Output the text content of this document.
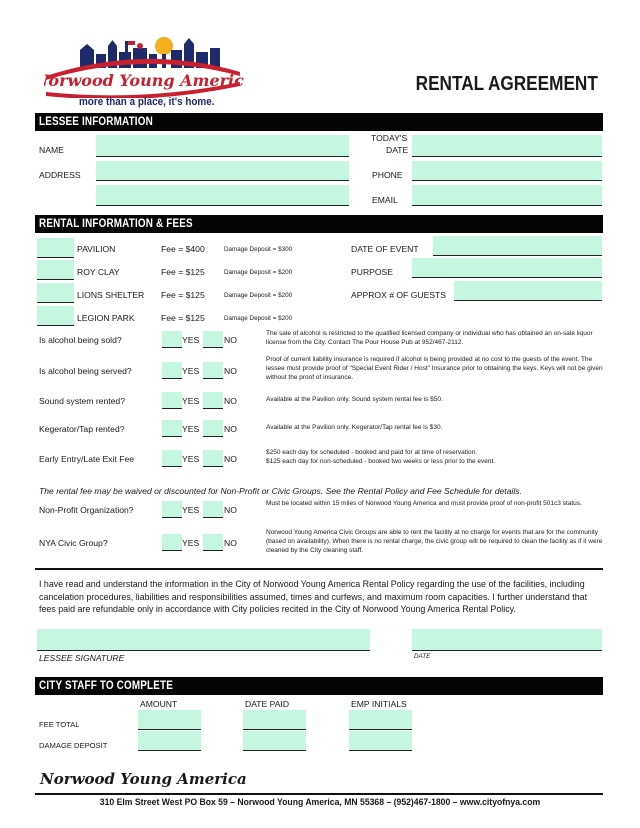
Norwood Young America
more than a place, it's home.
RENTAL AGREEMENT
LESSEE INFORMATION
NAME
TODAY'S
DATE
ADDRESS	PHONE
EMAIL
RENTAL INFORMATION & FEES
PAVILION	Fee = $400	Damage Deposit = $300
ROY CLAY	Fee = $125	Damage Deposit = $200
LIONS SHELTER Fee = $125	Damage Deposit = $200
LEGION PARK	Fee = $125	Damage Deposit = $200
DATE OF EVENT
PURPOSE
APPROX # OF GUESTS
Is alcohol being sold?	YES	NO
The sale of alcohol is restricted to the qualified licensed company or individual who has obtained an on-sale liquor license from the City. Contact The Pour House Pub at 952/467-2112.
Is alcohol being served?	YES	NO
Proof of current liability insurance is required if alcohol is being provided at no cost to the guests of the event. The lessee must provide proof of "Special Event Rider / Host" Insurance prior to obtaining the keys. Keys will not be given without the proof of insurance.
Sound system rented?	YES	NO	Available at the Pavilion only. Sound system rental fee is $50.
Kegerator/Tap rented?	YES	NO	Available at the Pavilion only. Kegerator/Tap rental fee is $30.
Early Entry/Late Exit Fee	YES	NO
$250 each day for scheduled - booked and paid for at time of reservation.
$125 each day for non-scheduled - booked two weeks or less prior to the event.
The rental fee may be waived or discounted for Non-Profit or Civic Groups. See the Rental Policy and Fee Schedule for details.
Non-Profit Organization?	YES	NO
Must be located within 15 miles of Norwood Young America and must provide proof of non-profit 501c3 status.
NYA Civic Group?	YES	NO
Norwood Young America Civic Groups are able to rent the facility at no charge for events that are for the community (based on availability). When there is no rental charge, the civic group will be required to clean the facility as if it were cleaned by the City cleaning staff.
I have read and understand the information in the City of Norwood Young America Rental Policy regarding the use of the facilities, including cancelation procedures, liabilities and responsibilities assumed, times and curfews, and maximum room capacities. I further understand that fees paid are refundable only in accordance with City policies recited in the City of Norwood Young America Rental Policy.
LESSEE SIGNATURE	DATE
CITY STAFF TO COMPLETE
AMOUNT	DATE PAID	EMP INITIALS
FEE TOTAL
DAMAGE DEPOSIT
Norwood Young America
310 Elm Street West PO Box 59 – Norwood Young America, MN 55368 – (952)467-1800 – www.cityofnya.com
